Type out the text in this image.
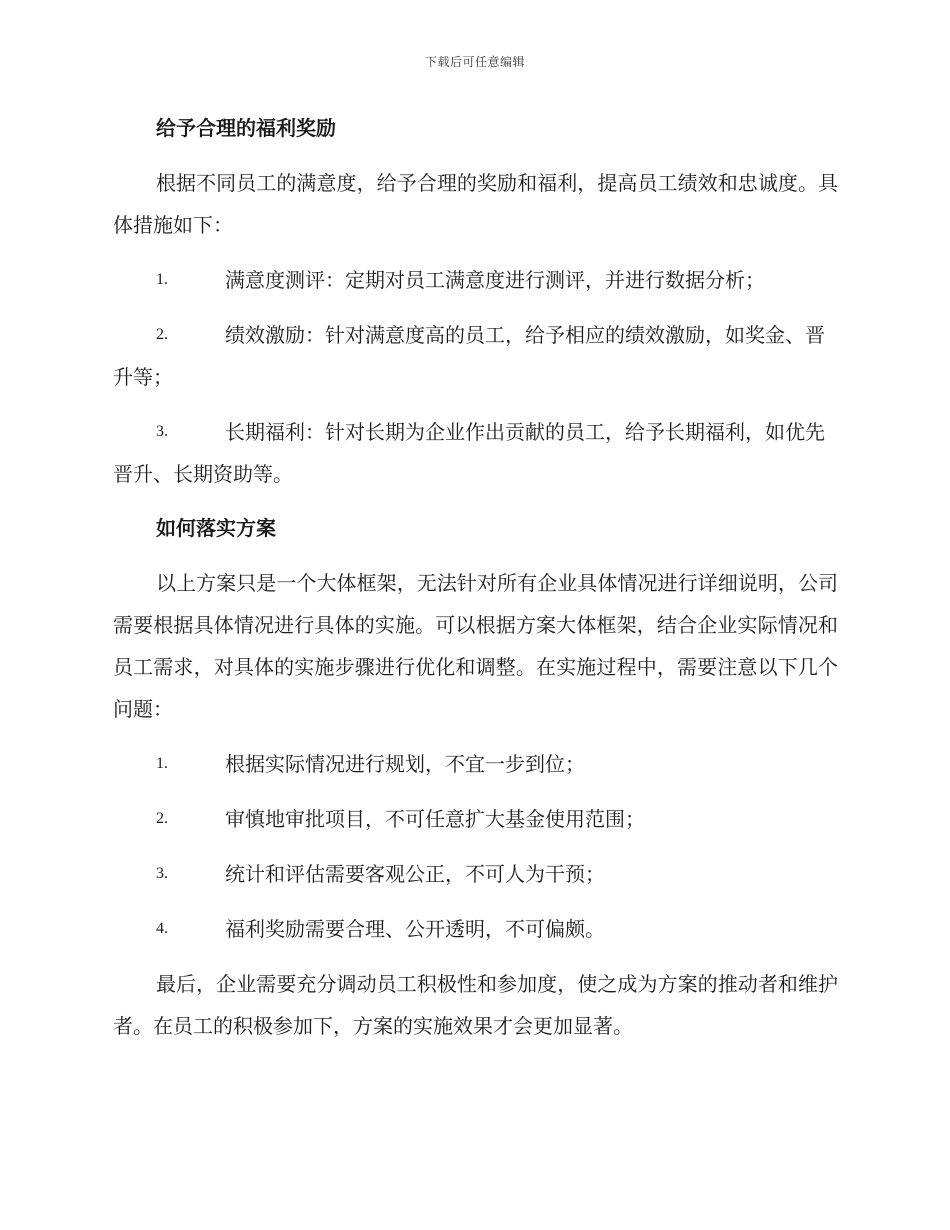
下载后可任意编辑
给予合理的福利奖励

根据不同员工的满意度，给予合理的奖励和福利，提高员工绩效和忠诚度。具体措施如下：

1.	满意度测评：定期对员工满意度进行测评，并进行数据分析；
2.	绩效激励：针对满意度高的员工，给予相应的绩效激励，如奖金、晋升等；
3.	长期福利：针对长期为企业作出贡献的员工，给予长期福利，如优先晋升、长期资助等。
如何落实方案

以上方案只是一个大体框架，无法针对所有企业具体情况进行详细说明，公司需要根据具体情况进行具体的实施。可以根据方案大体框架，结合企业实际情况和员工需求，对具体的实施步骤进行优化和调整。在实施过程中，需要注意以下几个问题：

1.	根据实际情况进行规划，不宜一步到位；
2.	审慎地审批项目，不可任意扩大基金使用范围；
3.	统计和评估需要客观公正，不可人为干预；
4.	福利奖励需要合理、公开透明，不可偏颇。

最后，企业需要充分调动员工积极性和参加度，使之成为方案的推动者和维护者。在员工的积极参加下，方案的实施效果才会更加显著。
